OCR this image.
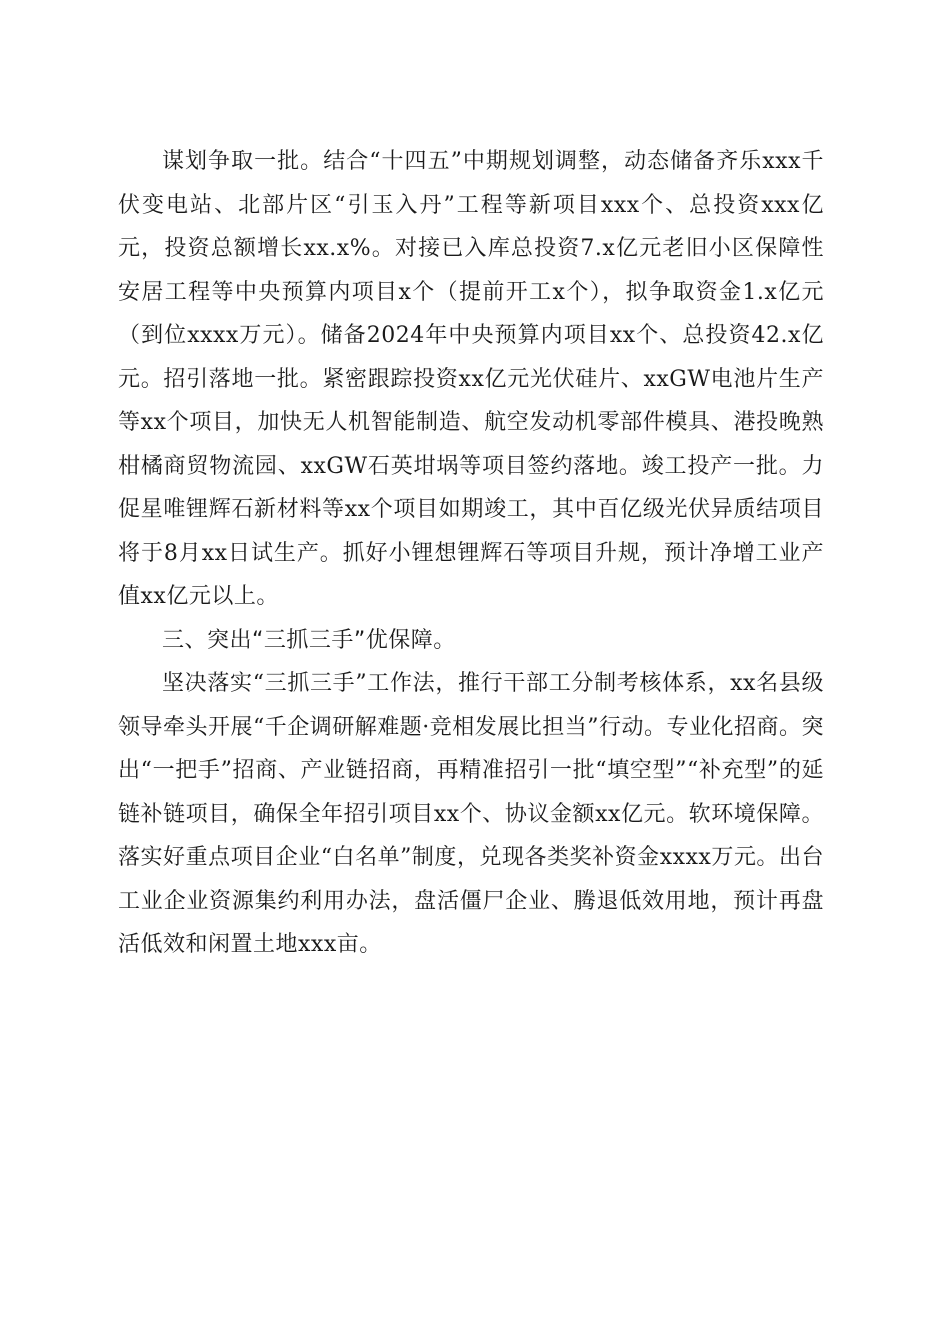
谋划争取一批。结合“十四五”中期规划调整，动态储备齐乐xxx千伏变电站、北部片区“引玉入丹”工程等新项目xxx个、总投资xxx亿元，投资总额增长xx.x%。对接已入库总投资7.x亿元老旧小区保障性安居工程等中央预算内项目x个（提前开工x个），拟争取资金1.x亿元（到位xxxx万元）。储备2024年中央预算内项目xx个、总投资42.x亿元。招引落地一批。紧密跟踪投资xx亿元光伏硅片、xxGW电池片生产等xx个项目，加快无人机智能制造、航空发动机零部件模具、港投晚熟柑橘商贸物流园、xxGW石英坩埚等项目签约落地。竣工投产一批。力促星唯锂辉石新材料等xx个项目如期竣工，其中百亿级光伏异质结项目将于8月xx日试生产。抓好小锂想锂辉石等项目升规，预计净增工业产值xx亿元以上。

三、突出“三抓三手”优保障。

坚决落实“三抓三手”工作法，推行干部工分制考核体系，xx名县级领导牵头开展“千企调研解难题·竞相发展比担当”行动。专业化招商。突出“一把手”招商、产业链招商，再精准招引一批“填空型”“补充型”的延链补链项目，确保全年招引项目xx个、协议金额xx亿元。软环境保障。落实好重点项目企业“白名单”制度，兑现各类奖补资金xxxx万元。出台工业企业资源集约利用办法，盘活僵尸企业、腾退低效用地，预计再盘活低效和闲置土地xxx亩。
